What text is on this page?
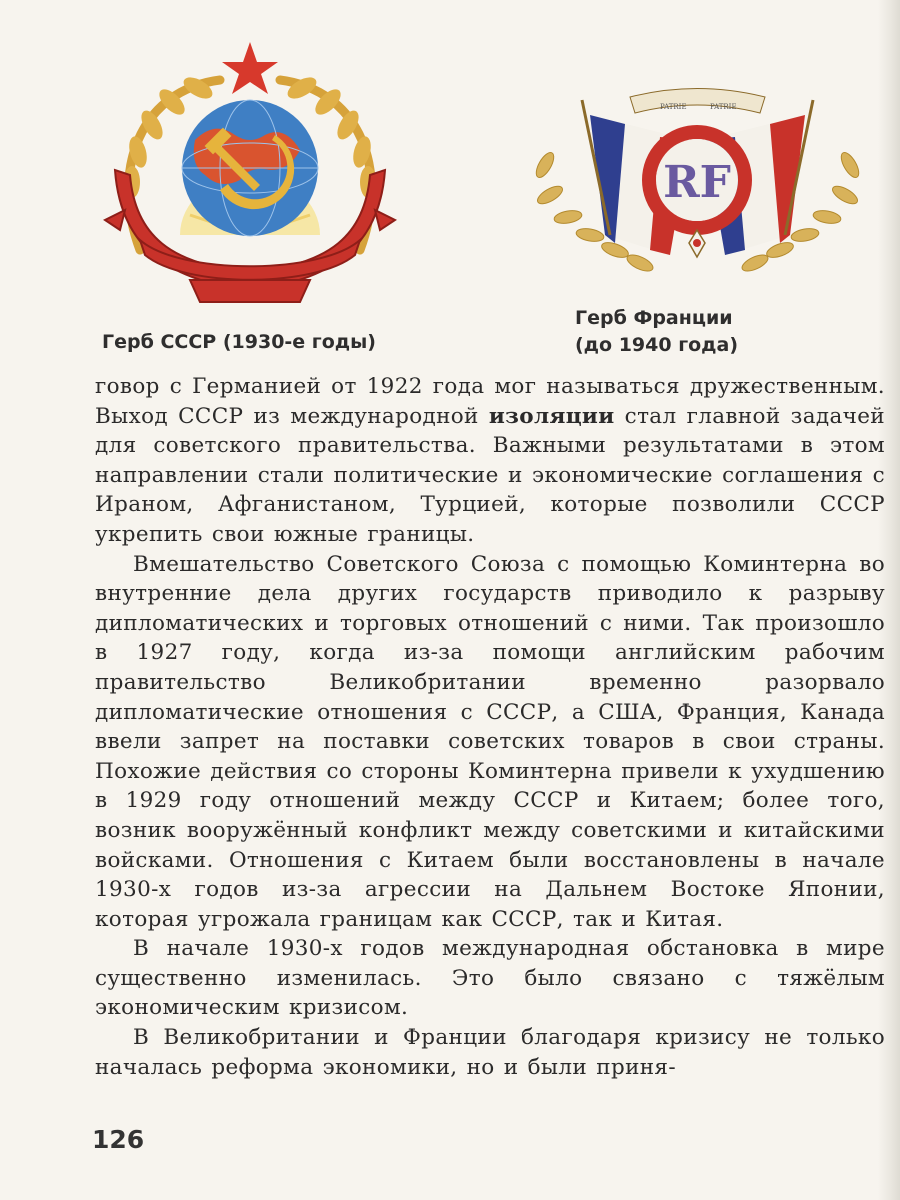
PATRIE	PATRIE
RF
Герб СССР (1930-е годы)
Герб Франции
(до 1940 года)

говор с Германией от 1922 года мог называться дружественным. Выход СССР из международной изоляции стал главной задачей для советского правительства. Важными результатами в этом направлении стали политические и экономические соглашения с Ираном, Афганистаном, Турцией, которые позволили СССР укрепить свои южные границы.

Вмешательство Советского Союза с помощью Коминтерна во внутренние дела других государств приводило к разрыву дипломатических и торговых отношений с ними. Так произошло в 1927 году, когда из-за помощи английским рабочим правительство Великобритании временно разорвало дипломатические отношения с СССР, а США, Франция, Канада ввели запрет на поставки советских товаров в свои страны. Похожие действия со стороны Коминтерна привели к ухудшению в 1929 году отношений между СССР и Китаем; более того, возник вооружённый конфликт между советскими и китайскими войсками. Отношения с Китаем были восстановлены в начале 1930-х годов из-за агрессии на Дальнем Востоке Японии, которая угрожала границам как СССР, так и Китая.

В начале 1930-х годов международная обстановка в мире существенно изменилась. Это было связано с тяжёлым экономическим кризисом.

В Великобритании и Франции благодаря кризису не только началась реформа экономики, но и были приня-

126
